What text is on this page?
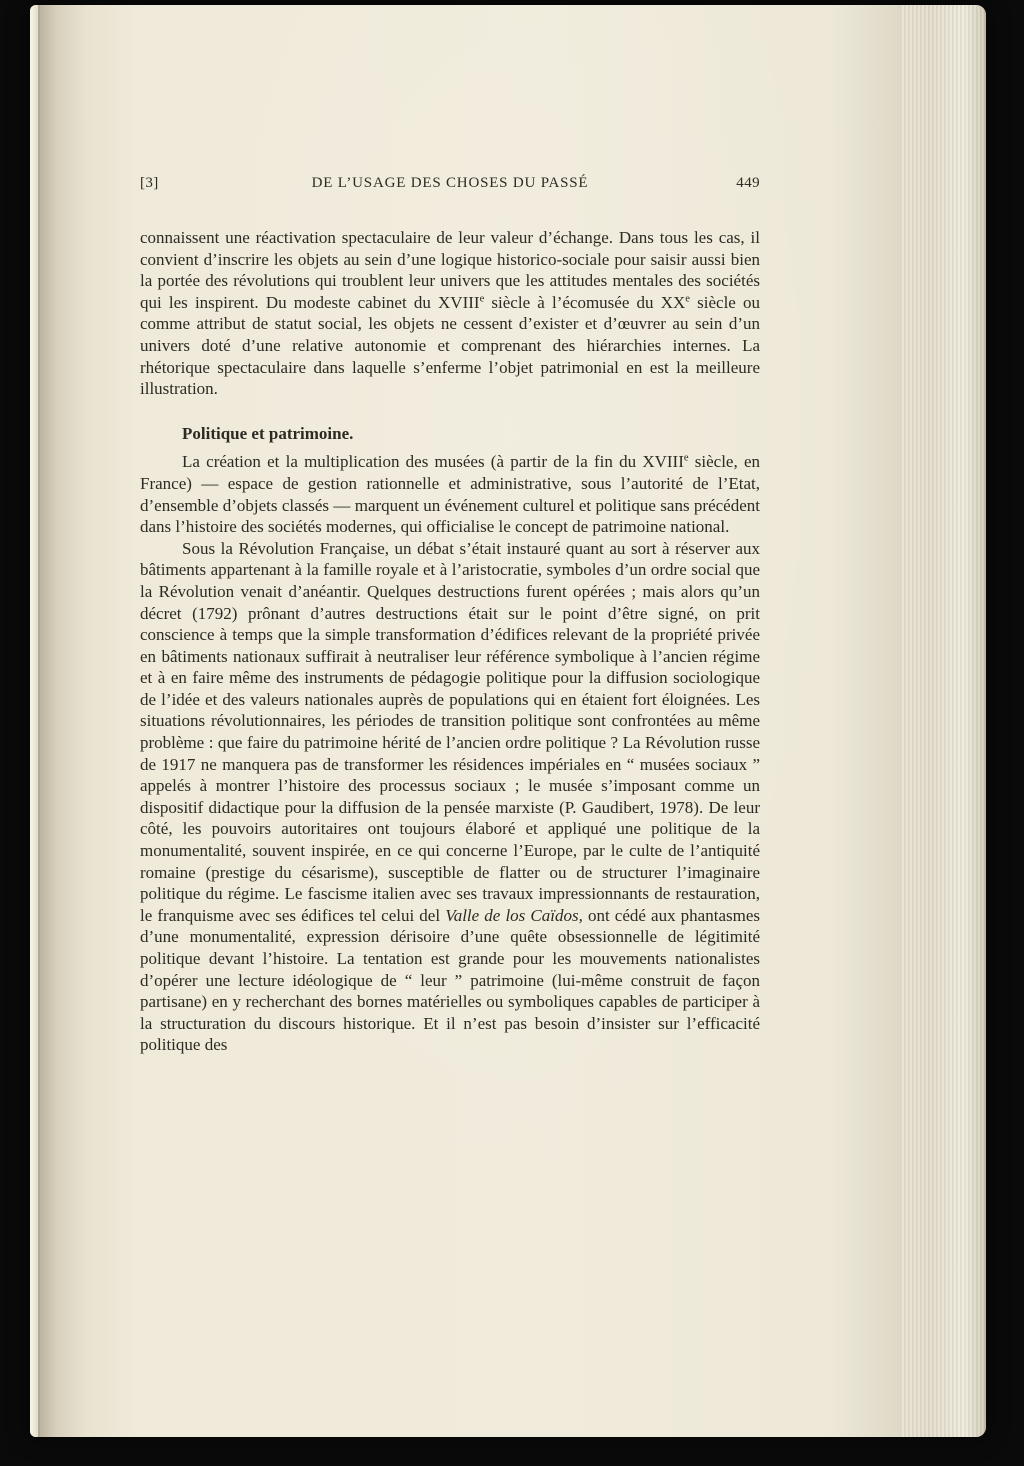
[3]	DE L’USAGE DES CHOSES DU PASSÉ	449

connaissent une réactivation spectaculaire de leur valeur d’échange. Dans tous les cas, il convient d’inscrire les objets au sein d’une logique historico-sociale pour saisir aussi bien la portée des révolutions qui troublent leur univers que les attitudes mentales des sociétés qui les inspirent. Du modeste cabinet du XVIIIe siècle à l’écomusée du XXe siècle ou comme attribut de statut social, les objets ne cessent d’exister et d’œuvrer au sein d’un univers doté d’une relative autonomie et comprenant des hiérarchies internes. La rhétorique spectaculaire dans laquelle s’enferme l’objet patrimonial en est la meilleure illustration.

Politique et patrimoine.

La création et la multiplication des musées (à partir de la fin du XVIIIe siècle, en France) — espace de gestion rationnelle et administrative, sous l’autorité de l’Etat, d’ensemble d’objets classés — marquent un événement culturel et politique sans précédent dans l’histoire des sociétés modernes, qui officialise le concept de patrimoine national.

Sous la Révolution Française, un débat s’était instauré quant au sort à réserver aux bâtiments appartenant à la famille royale et à l’aristocratie, symboles d’un ordre social que la Révolution venait d’anéantir. Quelques destructions furent opérées ; mais alors qu’un décret (1792) prônant d’autres destructions était sur le point d’être signé, on prit conscience à temps que la simple transformation d’édifices relevant de la propriété privée en bâtiments nationaux suffirait à neutraliser leur référence symbolique à l’ancien régime et à en faire même des instruments de pédagogie politique pour la diffusion sociologique de l’idée et des valeurs nationales auprès de populations qui en étaient fort éloignées. Les situations révolutionnaires, les périodes de transition politique sont confrontées au même problème : que faire du patrimoine hérité de l’ancien ordre politique ? La Révolution russe de 1917 ne manquera pas de transformer les résidences impériales en “ musées sociaux ” appelés à montrer l’histoire des processus sociaux ; le musée s’imposant comme un dispositif didactique pour la diffusion de la pensée marxiste (P. Gaudibert, 1978). De leur côté, les pouvoirs autoritaires ont toujours élaboré et appliqué une politique de la monumentalité, souvent inspirée, en ce qui concerne l’Europe, par le culte de l’antiquité romaine (prestige du césarisme), susceptible de flatter ou de structurer l’imaginaire politique du régime. Le fascisme italien avec ses travaux impressionnants de restauration, le franquisme avec ses édifices tel celui del Valle de los Caïdos, ont cédé aux phantasmes d’une monumentalité, expression dérisoire d’une quête obsessionnelle de légitimité politique devant l’histoire. La tentation est grande pour les mouvements nationalistes d’opérer une lecture idéologique de “ leur ” patrimoine (lui-même construit de façon partisane) en y recherchant des bornes matérielles ou symboliques capables de participer à la structuration du discours historique. Et il n’est pas besoin d’insister sur l’efficacité politique des
